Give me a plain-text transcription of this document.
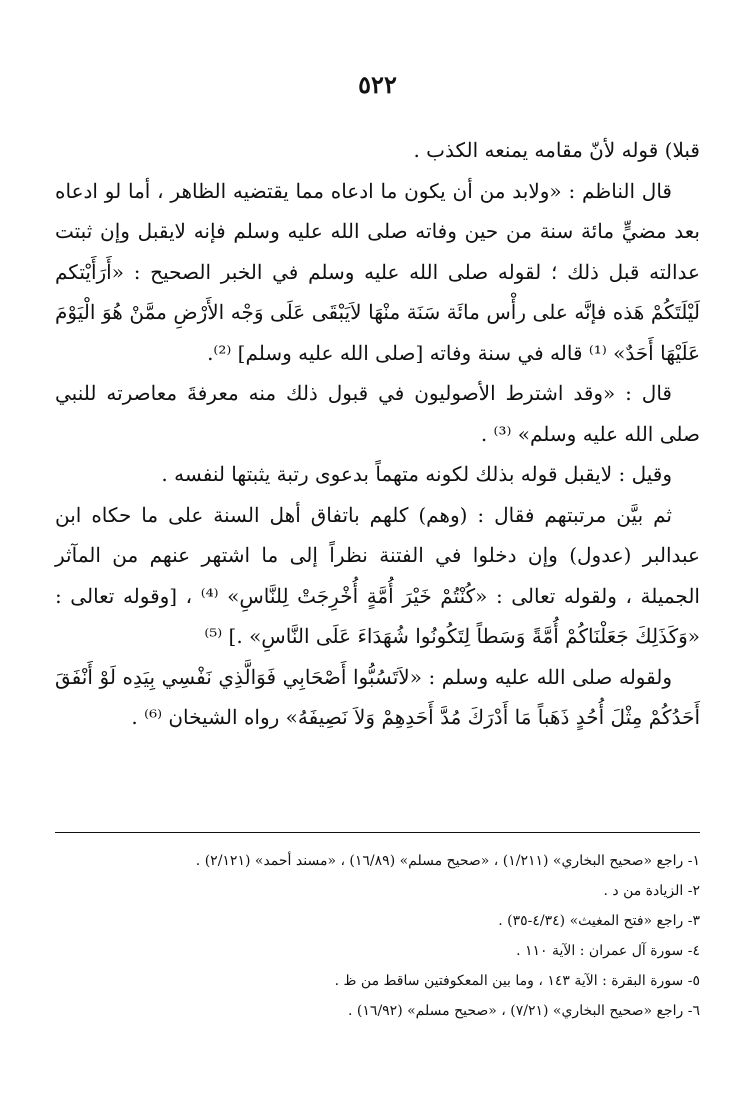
٥٢٢

قبلا) قوله لأنّ مقامه يمنعه الكذب .

قال الناظم : «ولابد من أن يكون ما ادعاه مما يقتضيه الظاهر ، أما لو ادعاه بعد مضيٍّ مائة سنة من حين وفاته صلى الله عليه وسلم فإنه لايقبل وإن ثبتت عدالته قبل ذلك ؛ لقوله صلى الله عليه وسلم في الخبر الصحيح : «أَرَأَيْتكم لَيْلَتَكُمْ هَذه فإنَّه على رأْس مائَة سَنَة منْهَا لاَيَبْقَى عَلَى وَجْه الأَرْضِ ممَّنْ هُوَ الْيَوْمَ عَلَيْهَا أَحَدٌ» ⁽¹⁾ قاله في سنة وفاته [صلى الله عليه وسلم] ⁽²⁾.

قال : «وقد اشترط الأصوليون في قبول ذلك منه معرفةَ معاصرته للنبي صلى الله عليه وسلم» ⁽³⁾ .

وقيل : لايقبل قوله بذلك لكونه متهماً بدعوى رتبة يثبتها لنفسه .

ثم بيَّن مرتبتهم فقال : (وهم) كلهم باتفاق أهل السنة على ما حكاه ابن عبدالبر (عدول) وإن دخلوا في الفتنة نظراً إلى ما اشتهر عنهم من المآثر الجميلة ، ولقوله تعالى : «كُنْتُمْ خَيْرَ أُمَّةٍ أُخْرِجَتْ لِلنَّاسِ» ⁽⁴⁾ ، [وقوله تعالى : «وَكَذَلِكَ جَعَلْنَاكُمْ أُمَّةً وَسَطاً لِتَكُونُوا شُهَدَاءَ عَلَى النَّاسِ» .] ⁽⁵⁾

ولقوله صلى الله عليه وسلم : «لاَتَسُبُّوا أَصْحَابِي فَوَالَّذِي نَفْسِي بِيَدِه لَوْ أَنْفَقَ أَحَدُكُمْ مِثْلَ أُحُدٍ ذَهَباً مَا أَدْرَكَ مُدَّ أَحَدِهِمْ وَلاَ نَصِيفَهُ» رواه الشيخان ⁽⁶⁾ .

١- راجع «صحيح البخاري» (١/٢١١) ، «صحيح مسلم» (١٦/٨٩) ، «مسند أحمد» (٢/١٢١) .
٢- الزيادة من د .
٣- راجع «فتح المغيث» (٤/٣٤-٣٥) .
٤- سورة آل عمران : الآية ١١٠ .
٥- سورة البقرة : الآية ١٤٣ ، وما بين المعكوفتين ساقط من ظ .
٦- راجع «صحيح البخاري» (٧/٢١) ، «صحيح مسلم» (١٦/٩٢) .
